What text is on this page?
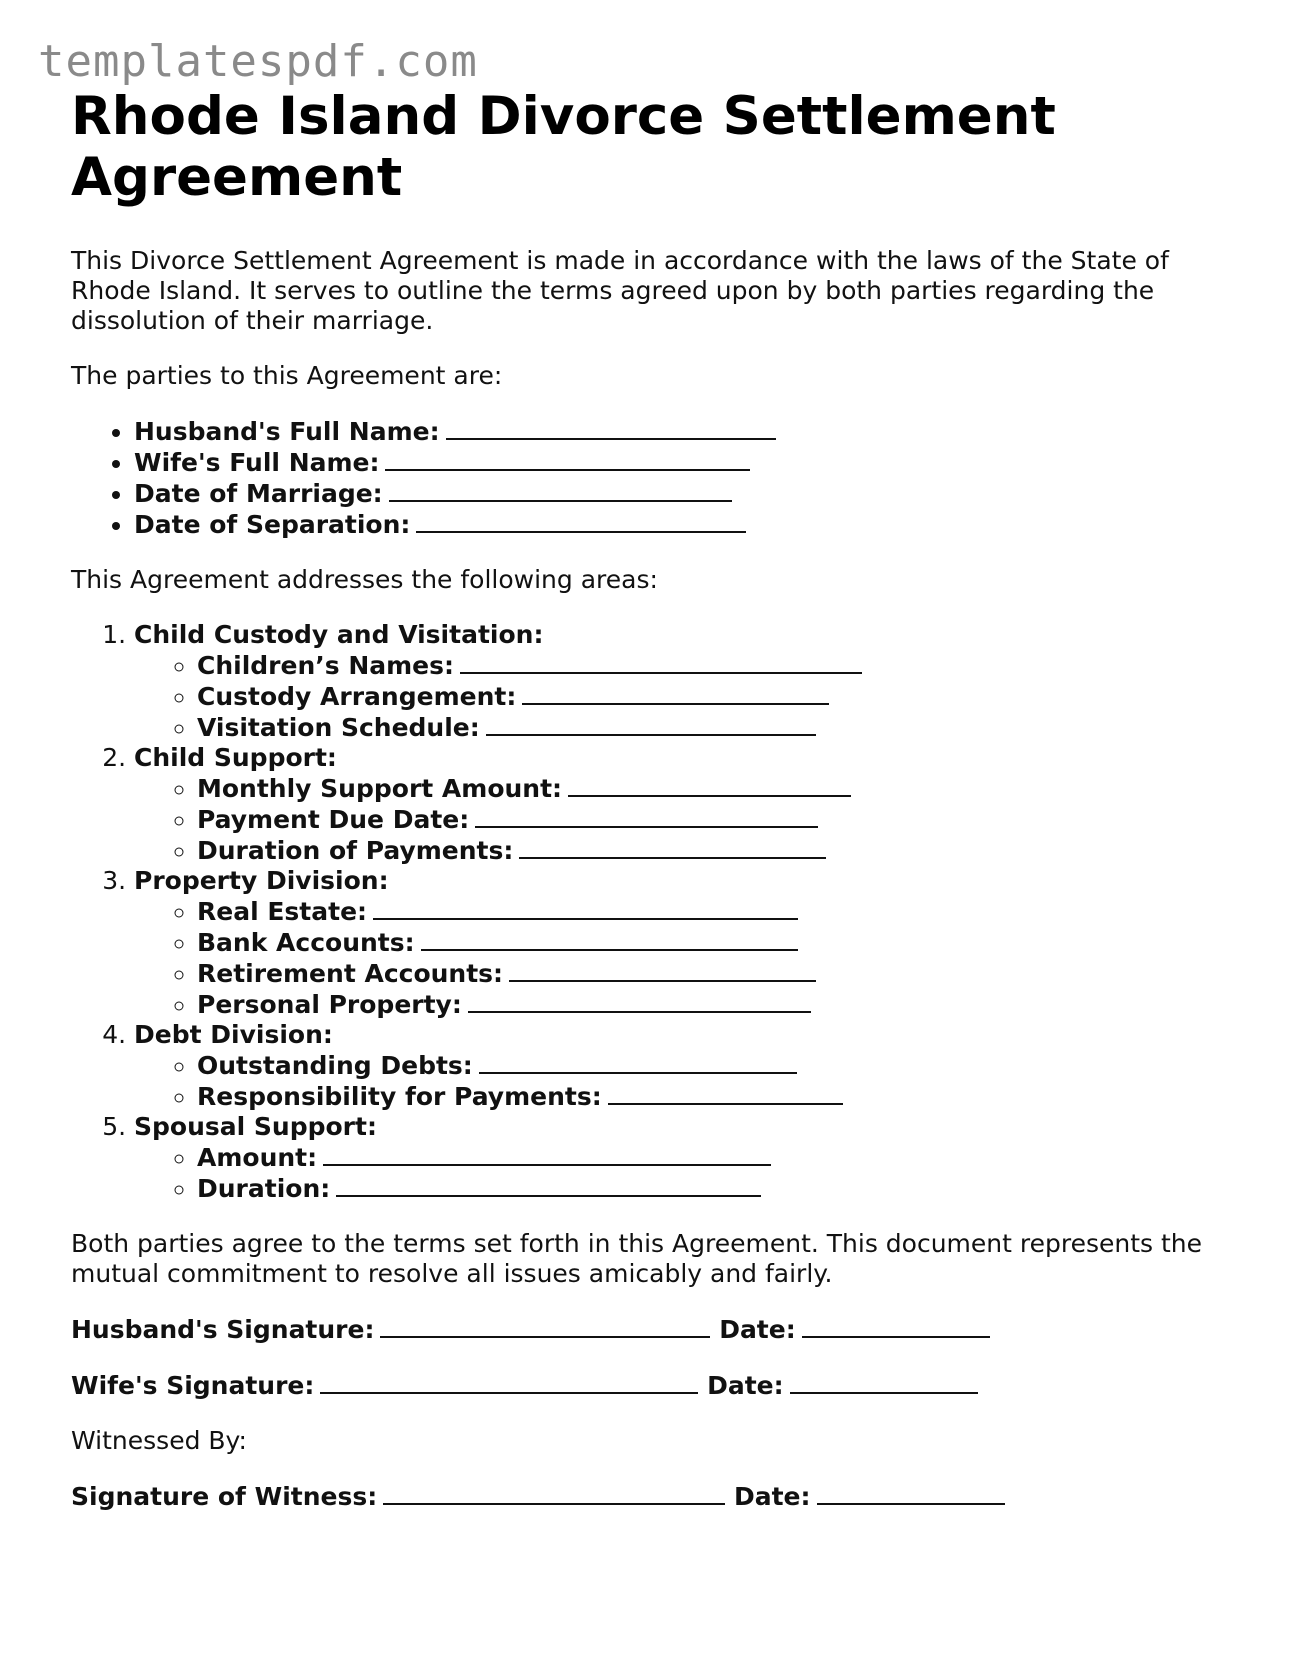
templatespdf.com
Rhode Island Divorce Settlement Agreement

This Divorce Settlement Agreement is made in accordance with the laws of the State of Rhode Island. It serves to outline the terms agreed upon by both parties regarding the dissolution of their marriage.

The parties to this Agreement are:

• Husband's Full Name:
• Wife's Full Name:
• Date of Marriage:
• Date of Separation:

This Agreement addresses the following areas:

1. Child Custody and Visitation:
◦ Children’s Names:
◦ Custody Arrangement:
◦ Visitation Schedule:
2. Child Support:
◦ Monthly Support Amount:
◦ Payment Due Date:
◦ Duration of Payments:
3. Property Division:
◦ Real Estate:
◦ Bank Accounts:
◦ Retirement Accounts:
◦ Personal Property:
4. Debt Division:
◦ Outstanding Debts:
◦ Responsibility for Payments:
5. Spousal Support:
◦ Amount:
◦ Duration:

Both parties agree to the terms set forth in this Agreement. This document represents the mutual commitment to resolve all issues amicably and fairly.

Husband's Signature:	Date:
Wife's Signature:	Date:

Witnessed By:

Signature of Witness:	Date:
